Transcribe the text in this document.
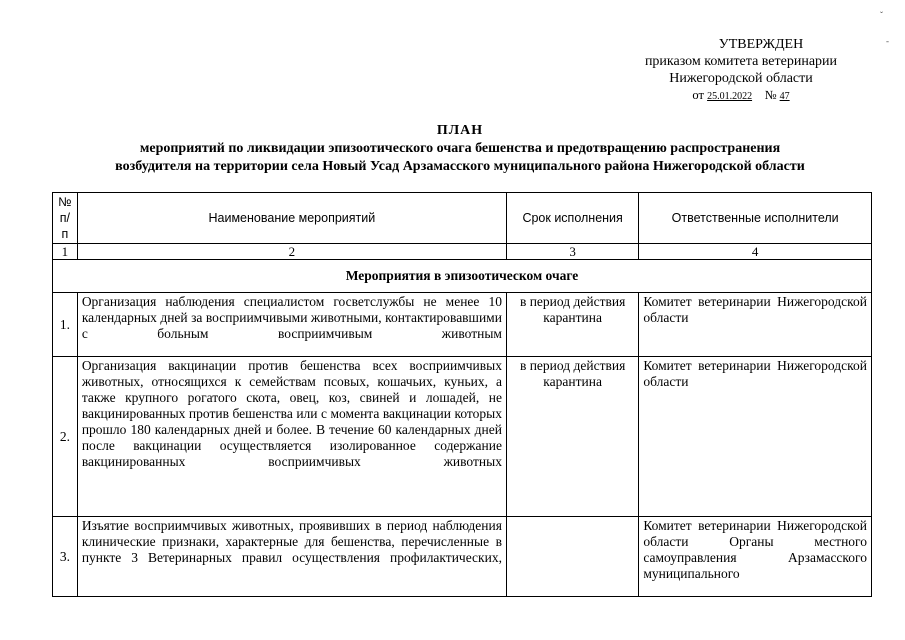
ˇ
-
УТВЕРЖДЕН
приказом комитета ветеринарии
Нижегородской области
от 25.01.2022 № 47
ПЛАН
мероприятий по ликвидации эпизоотического очага бешенства и предотвращению распространения
возбудителя на территории села Новый Усад Арзамасского муниципального района Нижегородской области
№ п/п	Наименование мероприятий	Срок исполнения	Ответственные исполнители
1	2	3	4
Мероприятия в эпизоотическом очаге			
1.	Организация наблюдения специалистом госветслужбы не менее 10 календарных дней за восприимчивыми животными, контактировавшими с больным восприимчивым животным	в период действия карантина	Комитет ветеринарии Нижегородской области
2.	Организация вакцинации против бешенства всех восприимчивых животных, относящихся к семействам псовых, кошачьих, куньих, а также крупного рогатого скота, овец, коз, свиней и лошадей, не вакцинированных против бешенства или с момента вакцинации которых прошло 180 календарных дней и более. В течение 60 календарных дней после вакцинации осуществляется изолированное содержание вакцинированных восприимчивых животных	в период действия карантина	Комитет ветеринарии Нижегородской области
3.	Изъятие восприимчивых животных, проявивших в период наблюдения клинические признаки, характерные для бешенства, перечисленные в пункте 3 Ветеринарных правил осуществления профилактических,		Комитет ветеринарии Нижегородской области Органы местного самоуправления Арзамасского муниципального
